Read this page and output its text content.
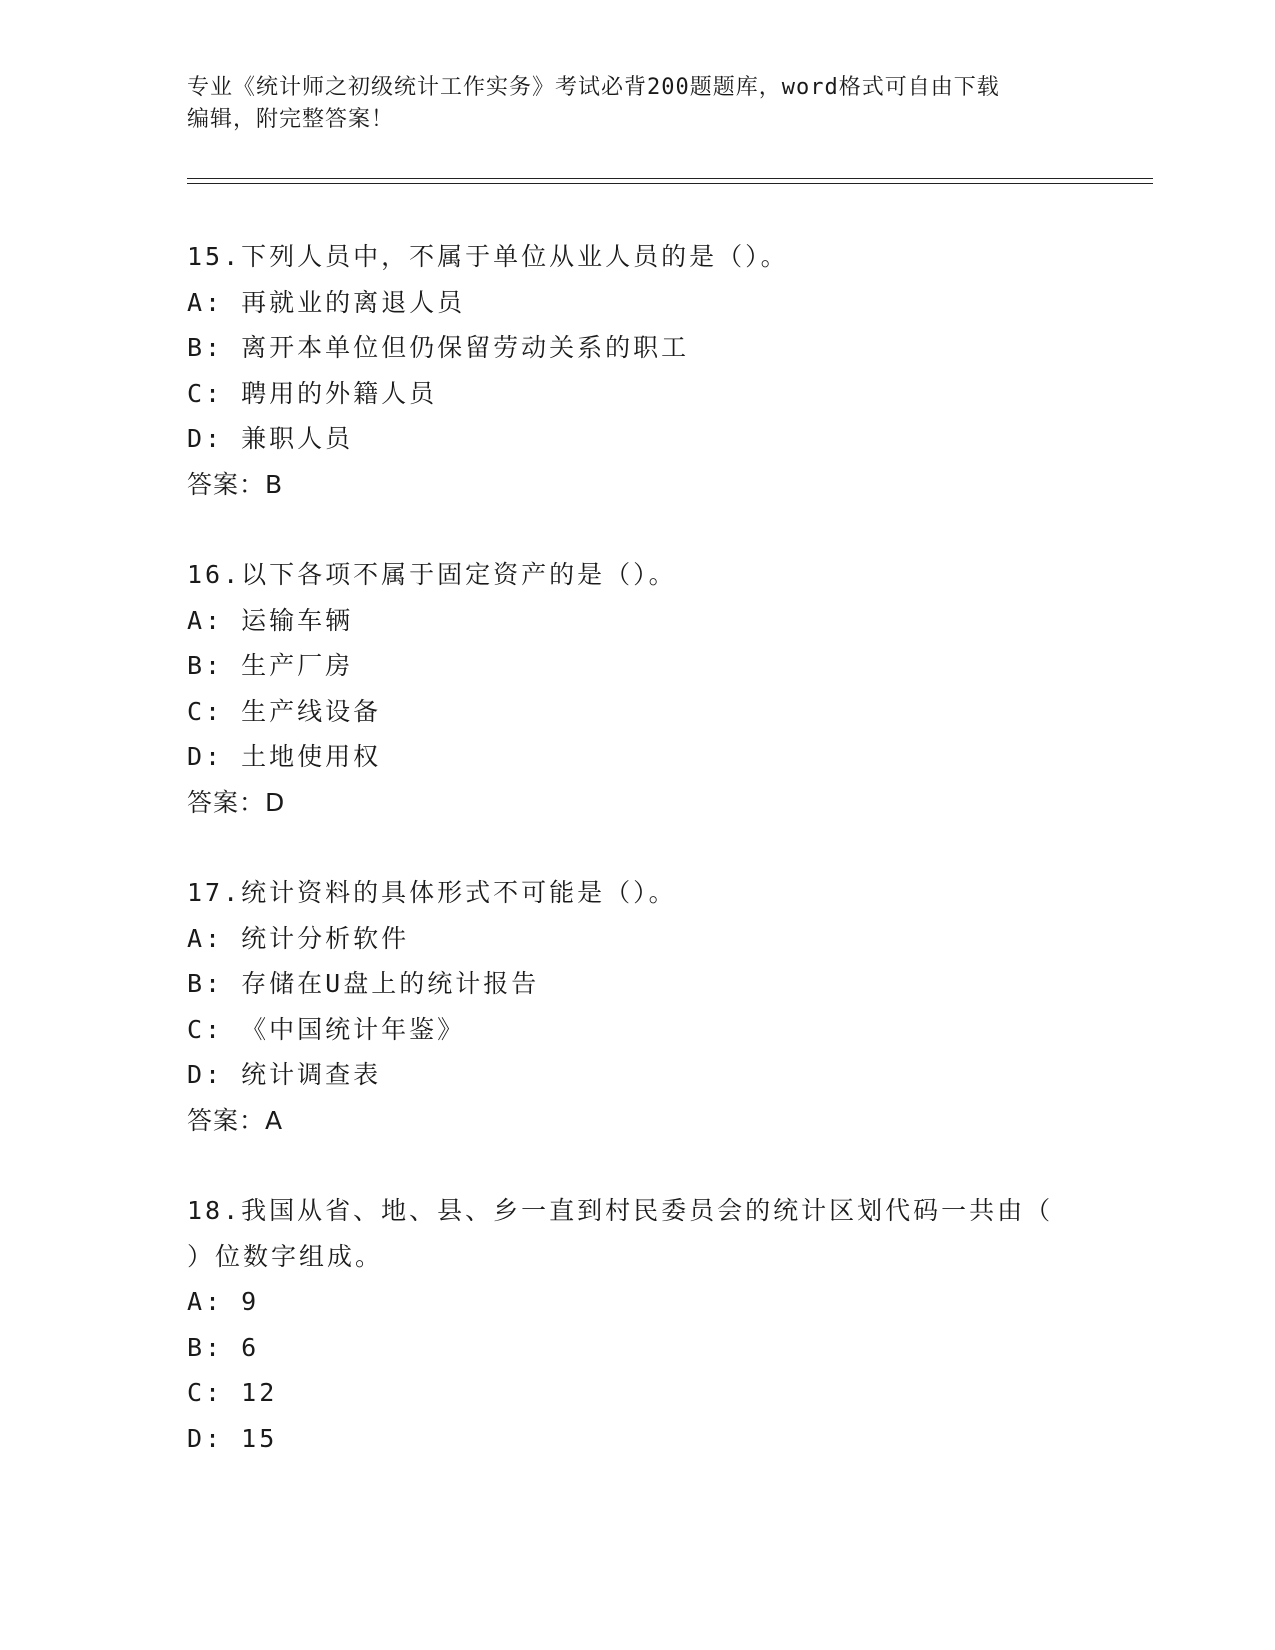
专业《统计师之初级统计工作实务》考试必背200题题库，word格式可自由下载
编辑，附完整答案！
15.下列人员中，不属于单位从业人员的是（）。
A: 再就业的离退人员
B: 离开本单位但仍保留劳动关系的职工
C: 聘用的外籍人员
D: 兼职人员
答案：B
16.以下各项不属于固定资产的是（）。
A: 运输车辆
B: 生产厂房
C: 生产线设备
D: 土地使用权
答案：D
17.统计资料的具体形式不可能是（）。
A: 统计分析软件
B: 存储在U盘上的统计报告
C: 《中国统计年鉴》
D: 统计调查表
答案：A
18.我国从省、地、县、乡一直到村民委员会的统计区划代码一共由（
）位数字组成。
A: 9
B: 6
C: 12
D: 15
